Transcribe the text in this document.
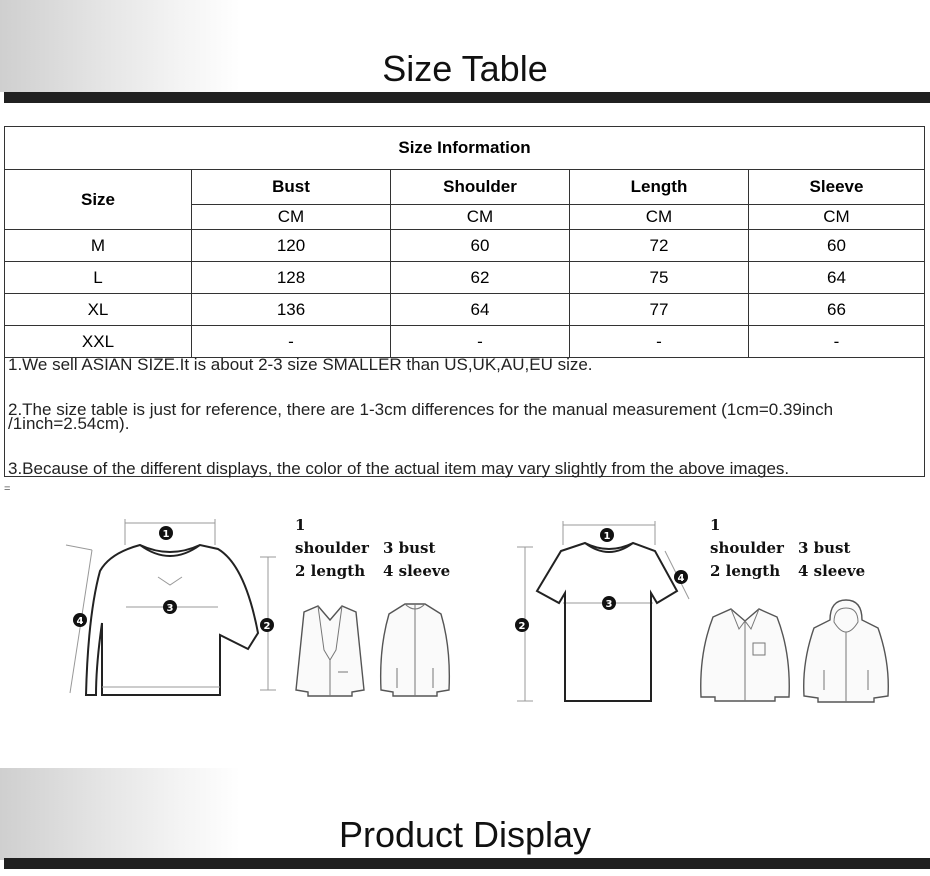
Size Table
Size Information				
Size	Bust	Shoulder	Length	Sleeve
	CM	CM	CM	CM
M	120	60	72	60
L	128	62	75	64
XL	136	64	77	66
XXL	-	-	-	-

1.We sell ASIAN SIZE.It is about 2-3 size SMALLER than US,UK,AU,EU size.

2.The size table is just for reference, there are 1-3cm differences for the manual measurement (1cm=0.39inch /1inch=2.54cm).

3.Because of the different displays, the color of the actual item may vary slightly from the above images.				

=
1
3
2
4
1 shoulder 3 bust
2 length 4 sleeve
1
3
2
4
1 shoulder 3 bust
2 length 4 sleeve
Product Display
